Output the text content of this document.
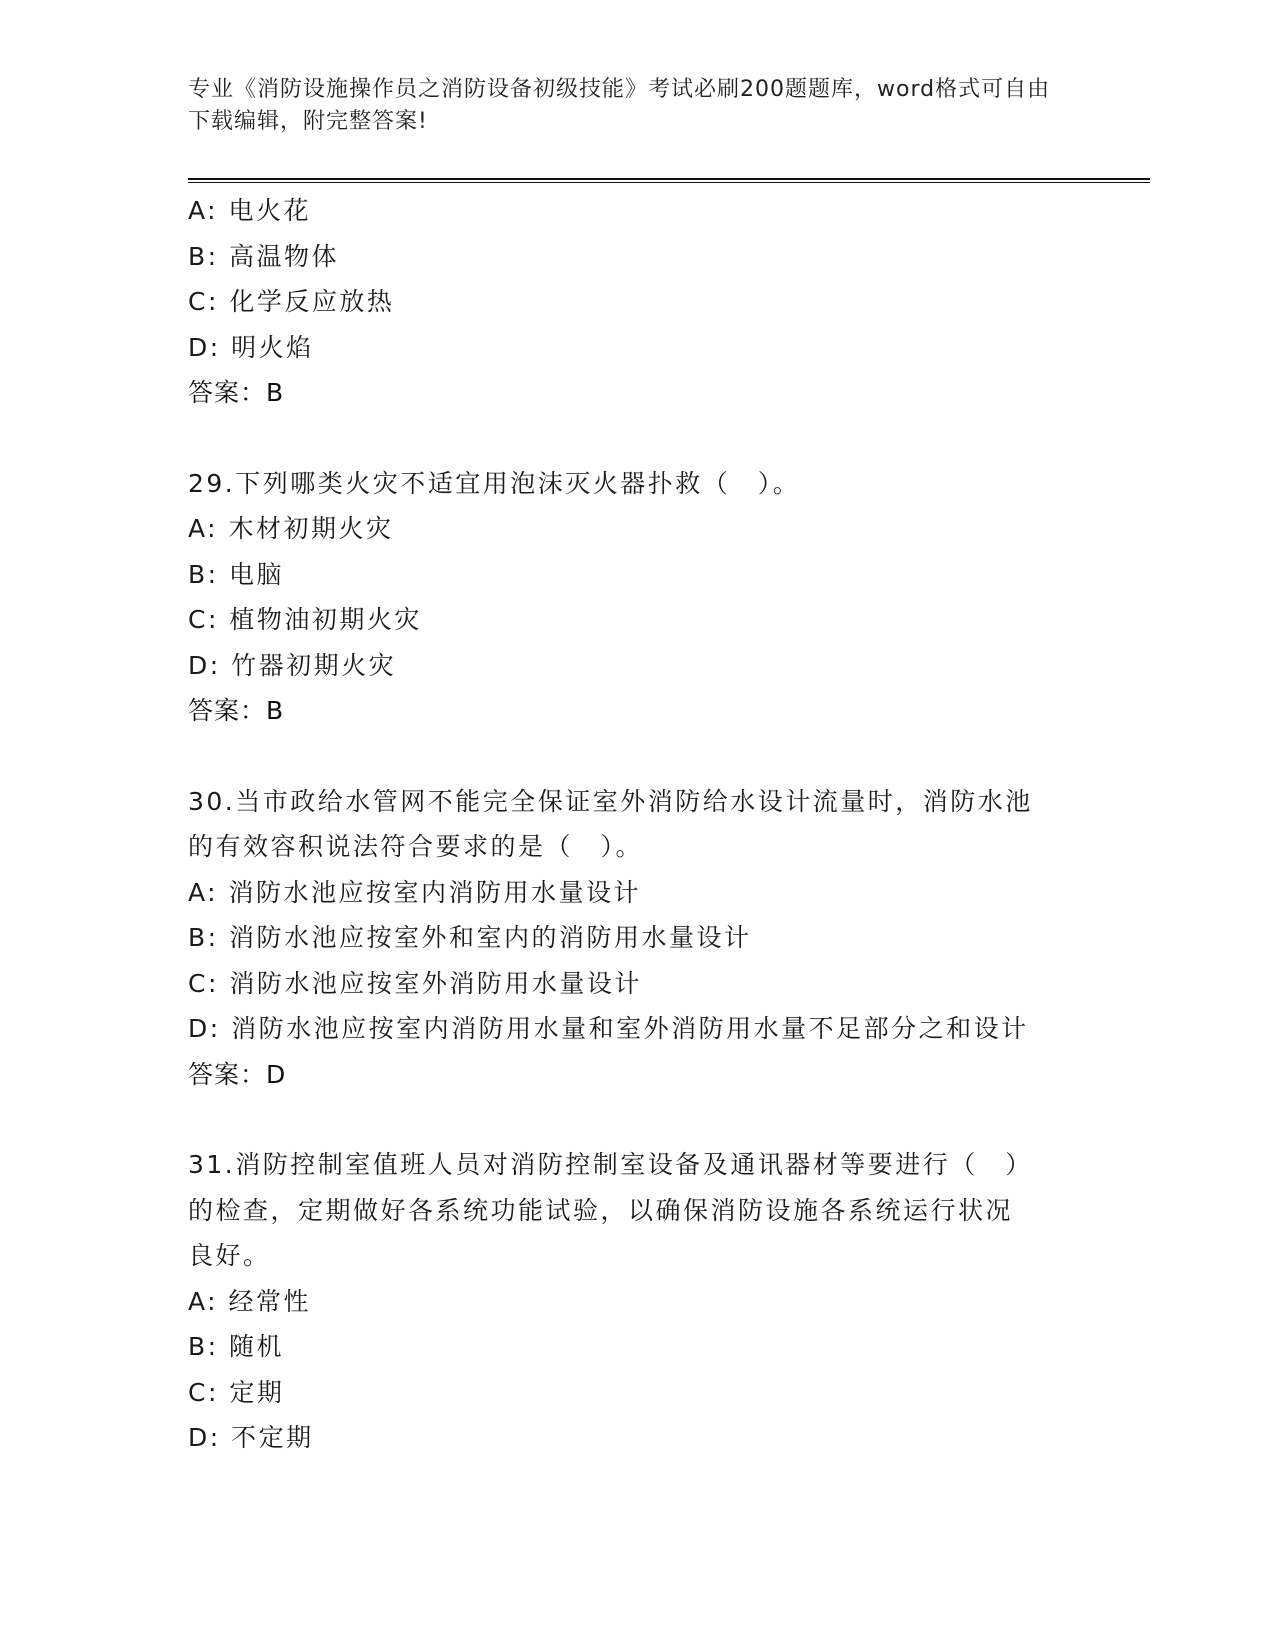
专业《消防设施操作员之消防设备初级技能》考试必刷200题题库，word格式可自由下载编辑，附完整答案!
A: 电火花
B: 高温物体
C: 化学反应放热
D: 明火焰
答案：B
29.下列哪类火灾不适宜用泡沫灭火器扑救（　）。
A: 木材初期火灾
B: 电脑
C: 植物油初期火灾
D: 竹器初期火灾
答案：B
30.当市政给水管网不能完全保证室外消防给水设计流量时，消防水池的有效容积说法符合要求的是（　）。
A: 消防水池应按室内消防用水量设计
B: 消防水池应按室外和室内的消防用水量设计
C: 消防水池应按室外消防用水量设计
D: 消防水池应按室内消防用水量和室外消防用水量不足部分之和设计
答案：D
31.消防控制室值班人员对消防控制室设备及通讯器材等要进行（　）的检查，定期做好各系统功能试验，以确保消防设施各系统运行状况良好。
A: 经常性
B: 随机
C: 定期
D: 不定期
